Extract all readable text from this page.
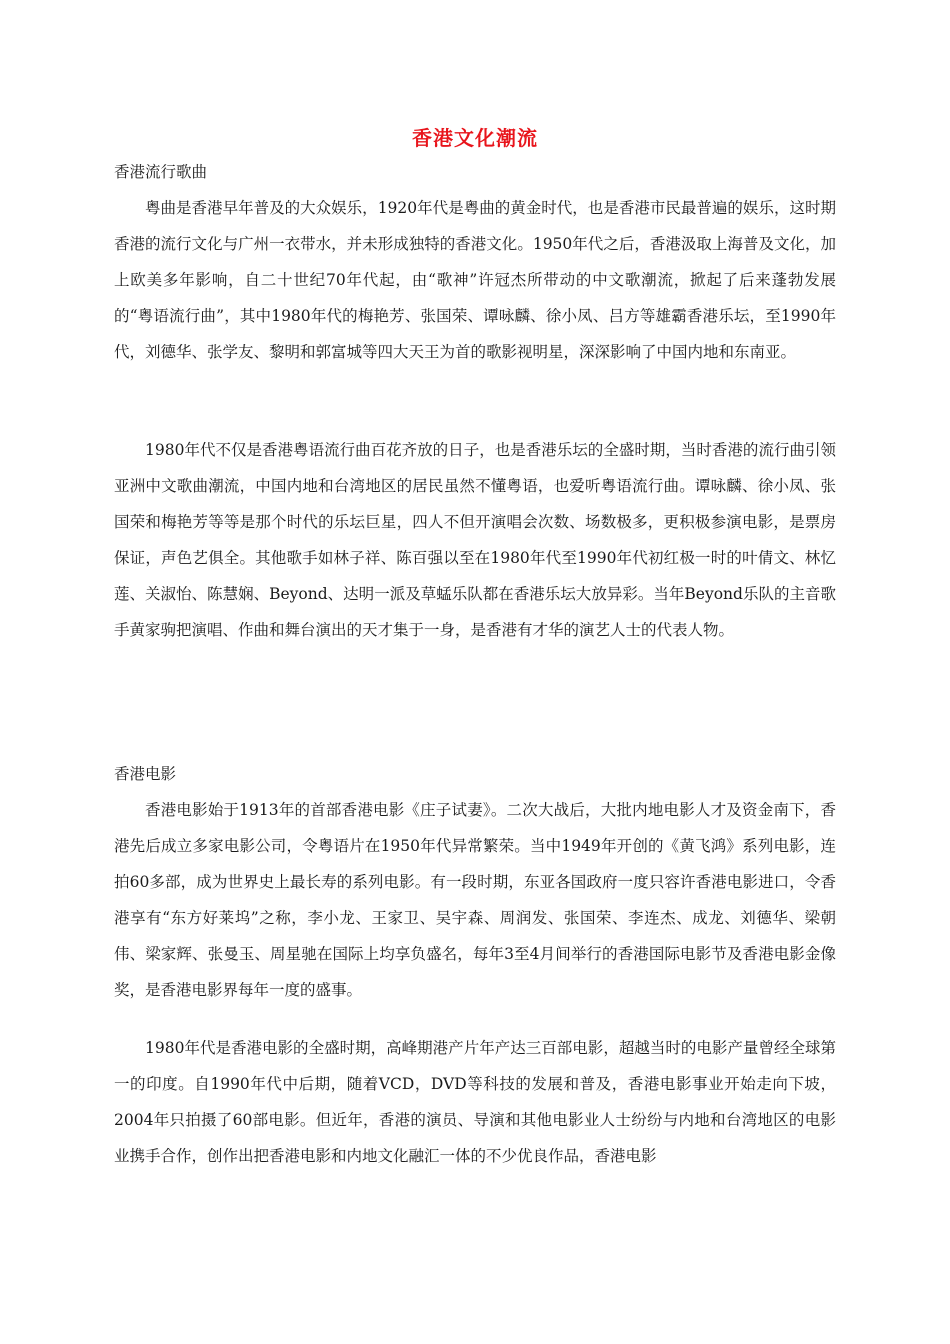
香港文化潮流
香港流行歌曲

粤曲是香港早年普及的大众娱乐，1920年代是粤曲的黄金时代，也是香港市民最普遍的娱乐，这时期香港的流行文化与广州一衣带水，并未形成独特的香港文化。1950年代之后，香港汲取上海普及文化，加上欧美多年影响，自二十世纪70年代起，由“歌神”许冠杰所带动的中文歌潮流，掀起了后来蓬勃发展的“粤语流行曲”，其中1980年代的梅艳芳、张国荣、谭咏麟、徐小凤、吕方等雄霸香港乐坛，至1990年代，刘德华、张学友、黎明和郭富城等四大天王为首的歌影视明星，深深影响了中国内地和东南亚。

1980年代不仅是香港粤语流行曲百花齐放的日子，也是香港乐坛的全盛时期，当时香港的流行曲引领亚洲中文歌曲潮流，中国内地和台湾地区的居民虽然不懂粤语，也爱听粤语流行曲。谭咏麟、徐小凤、张国荣和梅艳芳等等是那个时代的乐坛巨星，四人不但开演唱会次数、场数极多，更积极参演电影，是票房保证，声色艺俱全。其他歌手如林子祥、陈百强以至在1980年代至1990年代初红极一时的叶倩文、林忆莲、关淑怡、陈慧娴、Beyond、达明一派及草蜢乐队都在香港乐坛大放异彩。当年Beyond乐队的主音歌手黄家驹把演唱、作曲和舞台演出的天才集于一身，是香港有才华的演艺人士的代表人物。

香港电影

香港电影始于1913年的首部香港电影《庄子试妻》。二次大战后，大批内地电影人才及资金南下，香港先后成立多家电影公司，令粤语片在1950年代异常繁荣。当中1949年开创的《黄飞鸿》系列电影，连拍60多部，成为世界史上最长寿的系列电影。有一段时期，东亚各国政府一度只容许香港电影进口，令香港享有“东方好莱坞”之称，李小龙、王家卫、吴宇森、周润发、张国荣、李连杰、成龙、刘德华、梁朝伟、梁家辉、张曼玉、周星驰在国际上均享负盛名，每年3至4月间举行的香港国际电影节及香港电影金像奖，是香港电影界每年一度的盛事。

1980年代是香港电影的全盛时期，高峰期港产片年产达三百部电影，超越当时的电影产量曾经全球第一的印度。自1990年代中后期，随着VCD，DVD等科技的发展和普及，香港电影事业开始走向下坡，2004年只拍摄了60部电影。但近年，香港的演员、导演和其他电影业人士纷纷与内地和台湾地区的电影业携手合作，创作出把香港电影和内地文化融汇一体的不少优良作品，香港电影
